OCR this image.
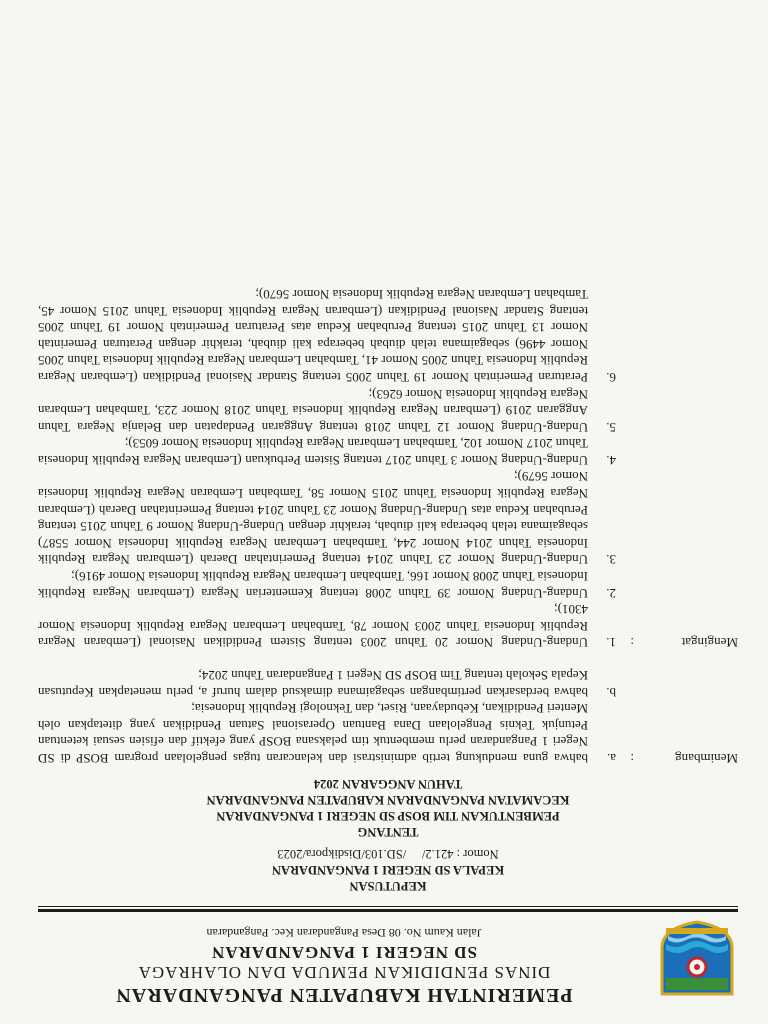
PEMERINTAH KABUPATEN PANGANDARAN
DINAS PENDIDIKAN PEMUDA DAN OLAHRAGA
SD NEGERI 1 PANGANDARAN
Jalan Kaum No. 08 Desa Pangandaran Kec. Pangandaran
KEPUTUSAN
KEPALA SD NEGERI 1 PANGANDARAN
Nomor : 421.2/     /SD.103/Disdikpora/2023
TENTANG
PEMBENTUKAN TIM BOSP SD NEGERI 1 PANGANDARAN
KECAMATAN PANGANDARAN KABUPATEN PANGANDARAN
TAHUN ANGGARAN 2024
Menimbang
:
a.
bahwa guna mendukung tertib administrasi dan kelancaran tugas pengelolaan program BOSP di SD Negeri 1 Pangandaran perlu membentuk tim pelaksana BOSP yang efektif dan efisien sesuai ketentuan Petunjuk Teknis Pengelolaan Dana Bantuan Operasional Satuan Pendidikan yang ditetapkan oleh Menteri Pendidikan, Kebudayaan, Riset, dan Teknologi Republik Indonesia;
b.
bahwa berdasarkan pertimbangan sebagaimana dimaksud dalam huruf a, perlu menetapkan Keputusan Kepala Sekolah tentang Tim BOSP SD Negeri 1 Pangandaran Tahun 2024;
Mengingat
:
1.
Undang-Undang Nomor 20 Tahun 2003 tentang Sistem Pendidikan Nasional (Lembaran Negara Republik Indonesia Tahun 2003 Nomor 78, Tambahan Lembaran Negara Republik Indonesia Nomor 4301);
2.
Undang-Undang Nomor 39 Tahun 2008 tentang Kementerian Negara (Lembaran Negara Republik Indonesia Tahun 2008 Nomor 166, Tambahan Lembaran Negara Republik Indonesia Nomor 4916);
3.
Undang-Undang Nomor 23 Tahun 2014 tentang Pemerintahan Daerah (Lembaran Negara Republik Indonesia Tahun 2014 Nomor 244, Tambahan Lembaran Negara Republik Indonesia Nomor 5587) sebagaimana telah beberapa kali diubah, terakhir dengan Undang-Undang Nomor 9 Tahun 2015 tentang Perubahan Kedua atas Undang-Undang Nomor 23 Tahun 2014 tentang Pemerintahan Daerah (Lembaran Negara Republik Indonesia Tahun 2015 Nomor 58, Tambahan Lembaran Negara Republik Indonesia Nomor 5679);
4.
Undang-Undang Nomor 3 Tahun 2017 tentang Sistem Perbukuan (Lembaran Negara Republik Indonesia Tahun 2017 Nomor 102, Tambahan Lembaran Negara Republik Indonesia Nomor 6053);
5.
Undang-Undang Nomor 12 Tahun 2018 tentang Anggaran Pendapatan dan Belanja Negara Tahun Anggaran 2019 (Lembaran Negara Republik Indonesia Tahun 2018 Nomor 223, Tambahan Lembaran Negara Republik Indonesia Nomor 6263);
6.
Peraturan Pemerintah Nomor 19 Tahun 2005 tentang Standar Nasional Pendidikan (Lembaran Negara Republik Indonesia Tahun 2005 Nomor 41, Tambahan Lembaran Negara Republik Indonesia Tahun 2005 Nomor 4496) sebagaimana telah diubah beberapa kali diubah, terakhir dengan Peraturan Pemerintah Nomor 13 Tahun 2015 tentang Perubahan Kedua atas Peraturan Pemerintah Nomor 19 Tahun 2005 tentang Standar Nasional Pendidikan (Lembaran Negara Republik Indonesia Tahun 2015 Nomor 45, Tambahan Lembaran Negara Republik Indonesia Nomor 5670);
